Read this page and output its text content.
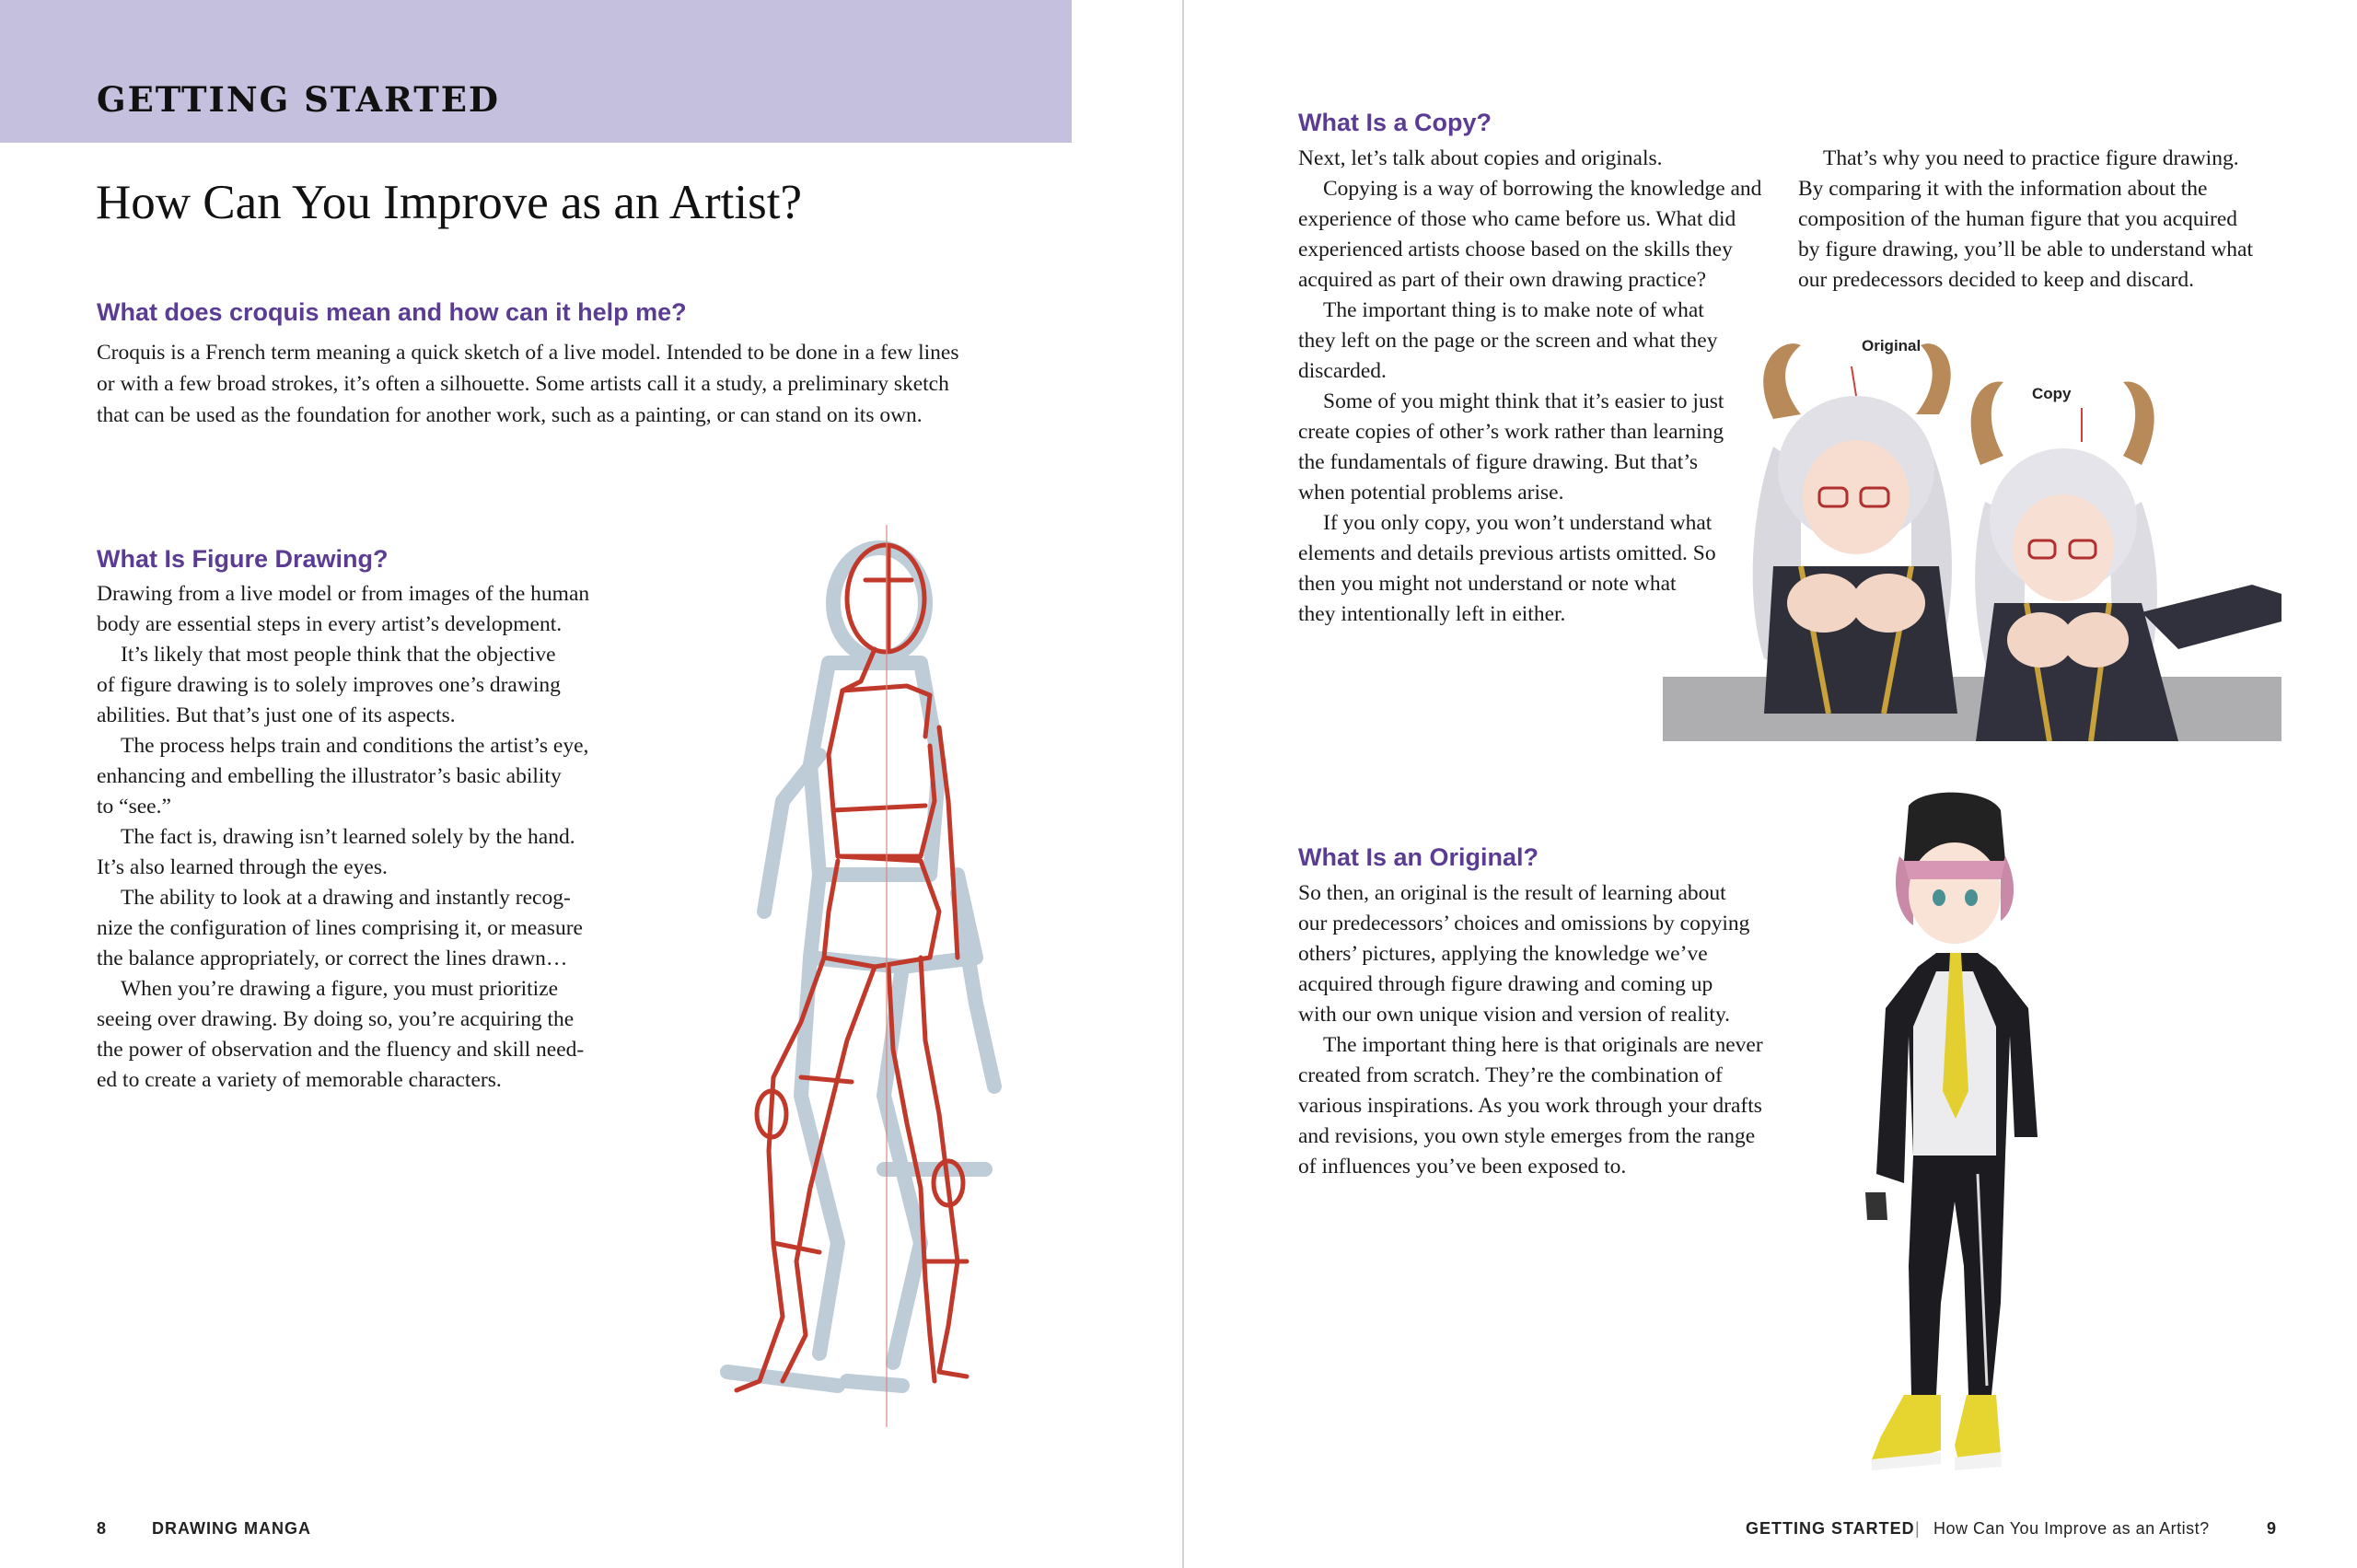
GETTING STARTED
How Can You Improve as an Artist?
What does croquis mean and how can it help me?
Croquis is a French term meaning a quick sketch of a live model. Intended to be done in a few lines
or with a few broad strokes, it’s often a silhouette. Some artists call it a study, a preliminary sketch
that can be used as the foundation for another work, such as a painting, or can stand on its own.
What Is Figure Drawing?
Drawing from a live model or from images of the human
body are essential steps in every artist’s development.
It’s likely that most people think that the objective
of figure drawing is to solely improves one’s drawing
abilities. But that’s just one of its aspects.
The process helps train and conditions the artist’s eye,
enhancing and embelling the illustrator’s basic ability
to “see.”
The fact is, drawing isn’t learned solely by the hand.
It’s also learned through the eyes.
The ability to look at a drawing and instantly recog-
nize the configuration of lines comprising it, or measure
the balance appropriately, or correct the lines drawn…
When you’re drawing a figure, you must prioritize
seeing over drawing. By doing so, you’re acquiring the
the power of observation and the fluency and skill need-
ed to create a variety of memorable characters.
8	DRAWING MANGA
What Is a Copy?
Next, let’s talk about copies and originals.
Copying is a way of borrowing the knowledge and
experience of those who came before us. What did
experienced artists choose based on the skills they
acquired as part of their own drawing practice?
The important thing is to make note of what
they left on the page or the screen and what they
discarded.
Some of you might think that it’s easier to just
create copies of other’s work rather than learning
the fundamentals of figure drawing. But that’s
when potential problems arise.
If you only copy, you won’t understand what
elements and details previous artists omitted. So
then you might not understand or note what
they intentionally left in either.
That’s why you need to practice figure drawing.
By comparing it with the information about the
composition of the human figure that you acquired
by figure drawing, you’ll be able to understand what
our predecessors decided to keep and discard.
Original
Copy
What Is an Original?
So then, an original is the result of learning about
our predecessors’ choices and omissions by copying
others’ pictures, applying the knowledge we’ve
acquired through figure drawing and coming up
with our own unique vision and version of reality.
The important thing here is that originals are never
created from scratch. They’re the combination of
various inspirations. As you work through your drafts
and revisions, you own style emerges from the range
of influences you’ve been exposed to.
GETTING STARTED | How Can You Improve as an Artist?	9
